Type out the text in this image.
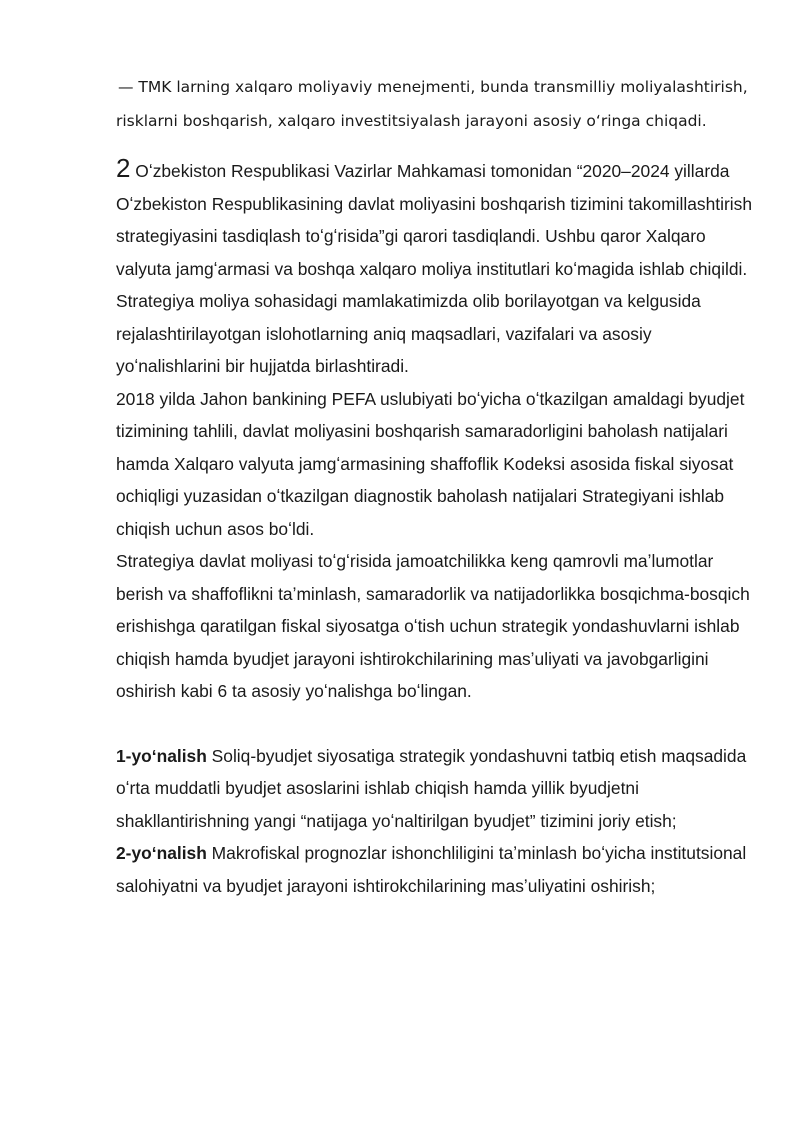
— TMK larning xalqaro moliyaviy menejmenti, bunda transmilliy moliyalashtirish,
risklarni boshqarish, xalqaro investitsiyalash jarayoni asosiy oʻringa chiqadi.

2 Oʻzbekiston Respublikasi Vazirlar Mahkamasi tomonidan “2020–2024 yillarda Oʻzbekiston Respublikasining davlat moliyasini boshqarish tizimini takomillashtirish strategiyasini tasdiqlash toʻgʻrisida”gi qarori tasdiqlandi. Ushbu qaror Xalqaro valyuta jamgʻarmasi va boshqa xalqaro moliya institutlari koʻmagida ishlab chiqildi.

Strategiya moliya sohasidagi mamlakatimizda olib borilayotgan va kelgusida rejalashtirilayotgan islohotlarning aniq maqsadlari, vazifalari va asosiy yoʻnalishlarini bir hujjatda birlashtiradi.

2018 yilda Jahon bankining PEFA uslubiyati boʻyicha oʻtkazilgan amaldagi byudjet tizimining tahlili, davlat moliyasini boshqarish samaradorligini baholash natijalari hamda Xalqaro valyuta jamgʻarmasining shaffoflik Kodeksi asosida fiskal siyosat ochiqligi yuzasidan oʻtkazilgan diagnostik baholash natijalari Strategiyani ishlab chiqish uchun asos boʻldi.

Strategiya davlat moliyasi toʻgʻrisida jamoatchilikka keng qamrovli maʼlumotlar berish va shaffoflikni taʼminlash, samaradorlik va natijadorlikka bosqichma-bosqich erishishga qaratilgan fiskal siyosatga oʻtish uchun strategik yondashuvlarni ishlab chiqish hamda byudjet jarayoni ishtirokchilarining masʼuliyati va javobgarligini oshirish kabi 6 ta asosiy yoʻnalishga boʻlingan.

1-yoʻnalish Soliq-byudjet siyosatiga strategik yondashuvni tatbiq etish maqsadida oʻrta muddatli byudjet asoslarini ishlab chiqish hamda yillik byudjetni shakllantirishning yangi “natijaga yoʻnaltirilgan byudjet” tizimini joriy etish;

2-yoʻnalish Makrofiskal prognozlar ishonchliligini taʼminlash boʻyicha institutsional salohiyatni va byudjet jarayoni ishtirokchilarining masʼuliyatini oshirish;
